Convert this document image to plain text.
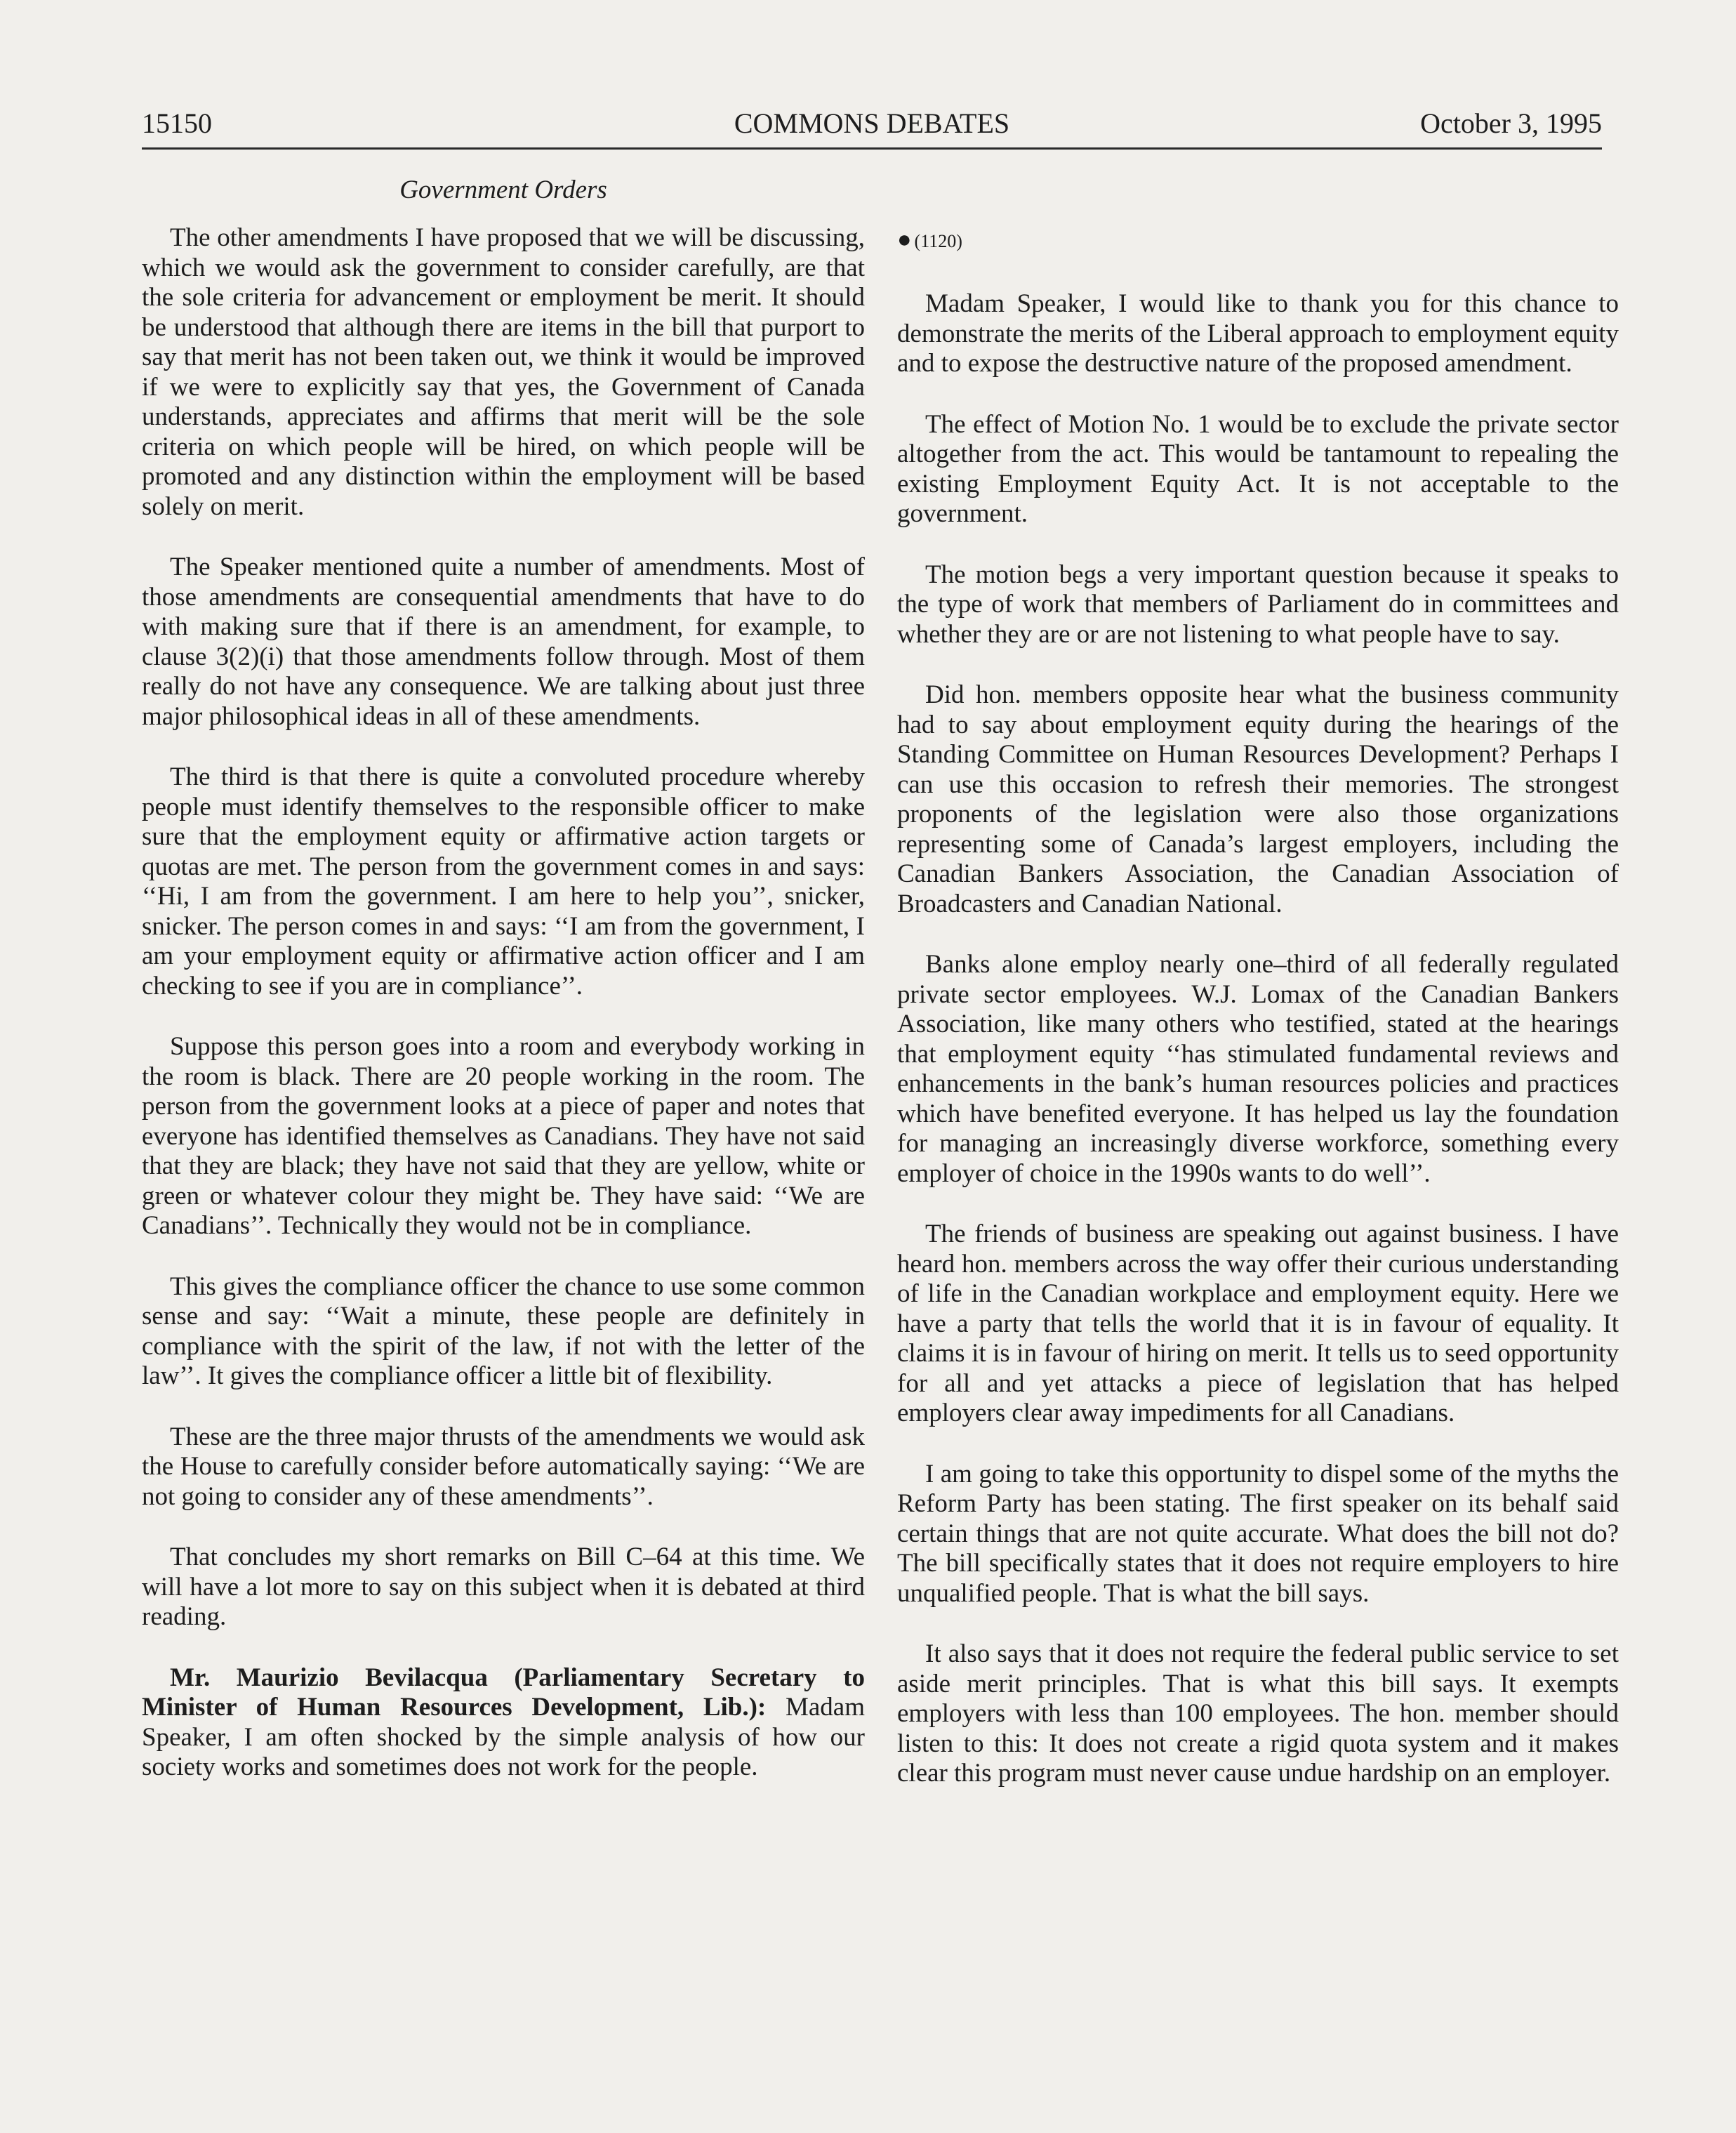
15150	COMMONS DEBATES	October 3, 1995
Government Orders

The other amendments I have proposed that we will be discussing, which we would ask the government to consider carefully, are that the sole criteria for advancement or employment be merit. It should be understood that although there are items in the bill that purport to say that merit has not been taken out, we think it would be improved if we were to explicitly say that yes, the Government of Canada understands, appreciates and affirms that merit will be the sole criteria on which people will be hired, on which people will be promoted and any distinction within the employment will be based solely on merit.

The Speaker mentioned quite a number of amendments. Most of those amendments are consequential amendments that have to do with making sure that if there is an amendment, for example, to clause 3(2)(i) that those amendments follow through. Most of them really do not have any consequence. We are talking about just three major philosophical ideas in all of these amendments.

The third is that there is quite a convoluted procedure whereby people must identify themselves to the responsible officer to make sure that the employment equity or affirmative action targets or quotas are met. The person from the government comes in and says: ‘‘Hi, I am from the government. I am here to help you’’, snicker, snicker. The person comes in and says: ‘‘I am from the government, I am your employment equity or affirmative action officer and I am checking to see if you are in compliance’’.

Suppose this person goes into a room and everybody working in the room is black. There are 20 people working in the room. The person from the government looks at a piece of paper and notes that everyone has identified themselves as Canadians. They have not said that they are black; they have not said that they are yellow, white or green or whatever colour they might be. They have said: ‘‘We are Canadians’’. Technically they would not be in compliance.

This gives the compliance officer the chance to use some common sense and say: ‘‘Wait a minute, these people are definitely in compliance with the spirit of the law, if not with the letter of the law’’. It gives the compliance officer a little bit of flexibility.

These are the three major thrusts of the amendments we would ask the House to carefully consider before automatically saying: ‘‘We are not going to consider any of these amendments’’.

That concludes my short remarks on Bill C–64 at this time. We will have a lot more to say on this subject when it is debated at third reading.

Mr. Maurizio Bevilacqua (Parliamentary Secretary to Minister of Human Resources Development, Lib.): Madam Speaker, I am often shocked by the simple analysis of how our society works and sometimes does not work for the people.

● (1120)

Madam Speaker, I would like to thank you for this chance to demonstrate the merits of the Liberal approach to employment equity and to expose the destructive nature of the proposed amendment.

The effect of Motion No. 1 would be to exclude the private sector altogether from the act. This would be tantamount to repealing the existing Employment Equity Act. It is not acceptable to the government.

The motion begs a very important question because it speaks to the type of work that members of Parliament do in committees and whether they are or are not listening to what people have to say.

Did hon. members opposite hear what the business community had to say about employment equity during the hearings of the Standing Committee on Human Resources Development? Perhaps I can use this occasion to refresh their memories. The strongest proponents of the legislation were also those organizations representing some of Canada’s largest employers, including the Canadian Bankers Association, the Canadian Association of Broadcasters and Canadian National.

Banks alone employ nearly one–third of all federally regulated private sector employees. W.J. Lomax of the Canadian Bankers Association, like many others who testified, stated at the hearings that employment equity ‘‘has stimulated fundamental reviews and enhancements in the bank’s human resources policies and practices which have benefited everyone. It has helped us lay the foundation for managing an increasingly diverse workforce, something every employer of choice in the 1990s wants to do well’’.

The friends of business are speaking out against business. I have heard hon. members across the way offer their curious understanding of life in the Canadian workplace and employment equity. Here we have a party that tells the world that it is in favour of equality. It claims it is in favour of hiring on merit. It tells us to seed opportunity for all and yet attacks a piece of legislation that has helped employers clear away impediments for all Canadians.

I am going to take this opportunity to dispel some of the myths the Reform Party has been stating. The first speaker on its behalf said certain things that are not quite accurate. What does the bill not do? The bill specifically states that it does not require employers to hire unqualified people. That is what the bill says.

It also says that it does not require the federal public service to set aside merit principles. That is what this bill says. It exempts employers with less than 100 employees. The hon. member should listen to this: It does not create a rigid quota system and it makes clear this program must never cause undue hardship on an employer.
